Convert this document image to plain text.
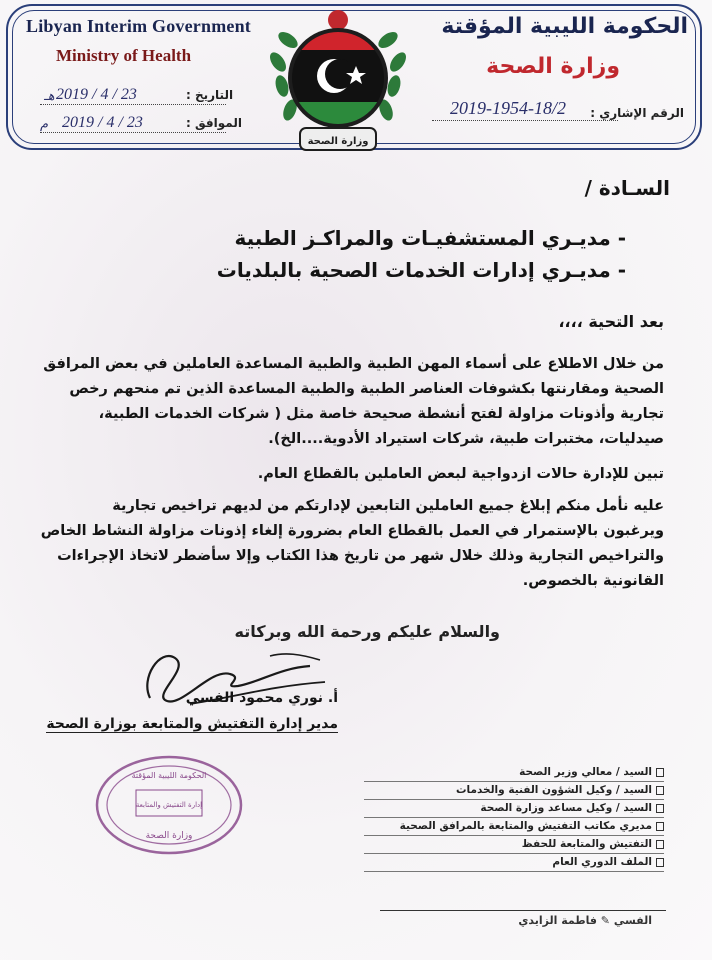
Libyan Interim Government
Ministry of Health
الحكومة الليبية المؤقتة
وزارة الصحة
2019 / 4 / 23
هـ	التاريخ :
2019 / 4 / 23
م	الموافق :
2019-1954-18/2 الرقم الإشاري :
وزارة الصحة
السـادة /
- مديـري المستشفيـات والمراكـز الطبية
- مديـري إدارات الخدمات الصحية بالبلديات
بعد التحية ،،،،
من خلال الاطلاع على أسماء المهن الطبية والطبية المساعدة العاملين في بعض المرافق
الصحية ومقارنتها بكشوفات العناصر الطبية والطبية المساعدة الذين تم منحهم رخص
تجارية وأذونات مزاولة لفتح أنشطة صحيحة خاصة مثل ( شركات الخدمات الطبية،
صيدليات، مختبرات طبية، شركات استيراد الأدوية....الخ).
تبين للإدارة حالات ازدواجية لبعض العاملين بالقطاع العام.
عليه نأمل منكم إبلاغ جميع العاملين التابعين لإدارتكم من لديهم تراخيص تجارية
ويرغبون بالإستمرار في العمل بالقطاع العام بضرورة إلغاء إذونات مزاولة النشاط الخاص
والتراخيص التجارية وذلك خلال شهر من تاريخ هذا الكتاب وإلا سأضطر لاتخاذ الإجراءات
القانونية بالخصوص.
والسلام عليكم ورحمة الله وبركاته
أ. نوري محمود الفسي
مدير إدارة التفتيش والمتابعة بوزارة الصحة
الحكومة الليبية المؤقتة
إدارة التفتيش والمتابعة
وزارة الصحة
السيد / معالي وزير الصحة
السيد / وكيل الشؤون الفنية والخدمات
السيد / وكيل مساعد وزارة الصحة
مديري مكاتب التفتيش والمتابعة بالمرافق الصحية
التفتيش والمتابعة للحفظ
الملف الدوري العام
الفسي ✎ فاطمة الزايدي
